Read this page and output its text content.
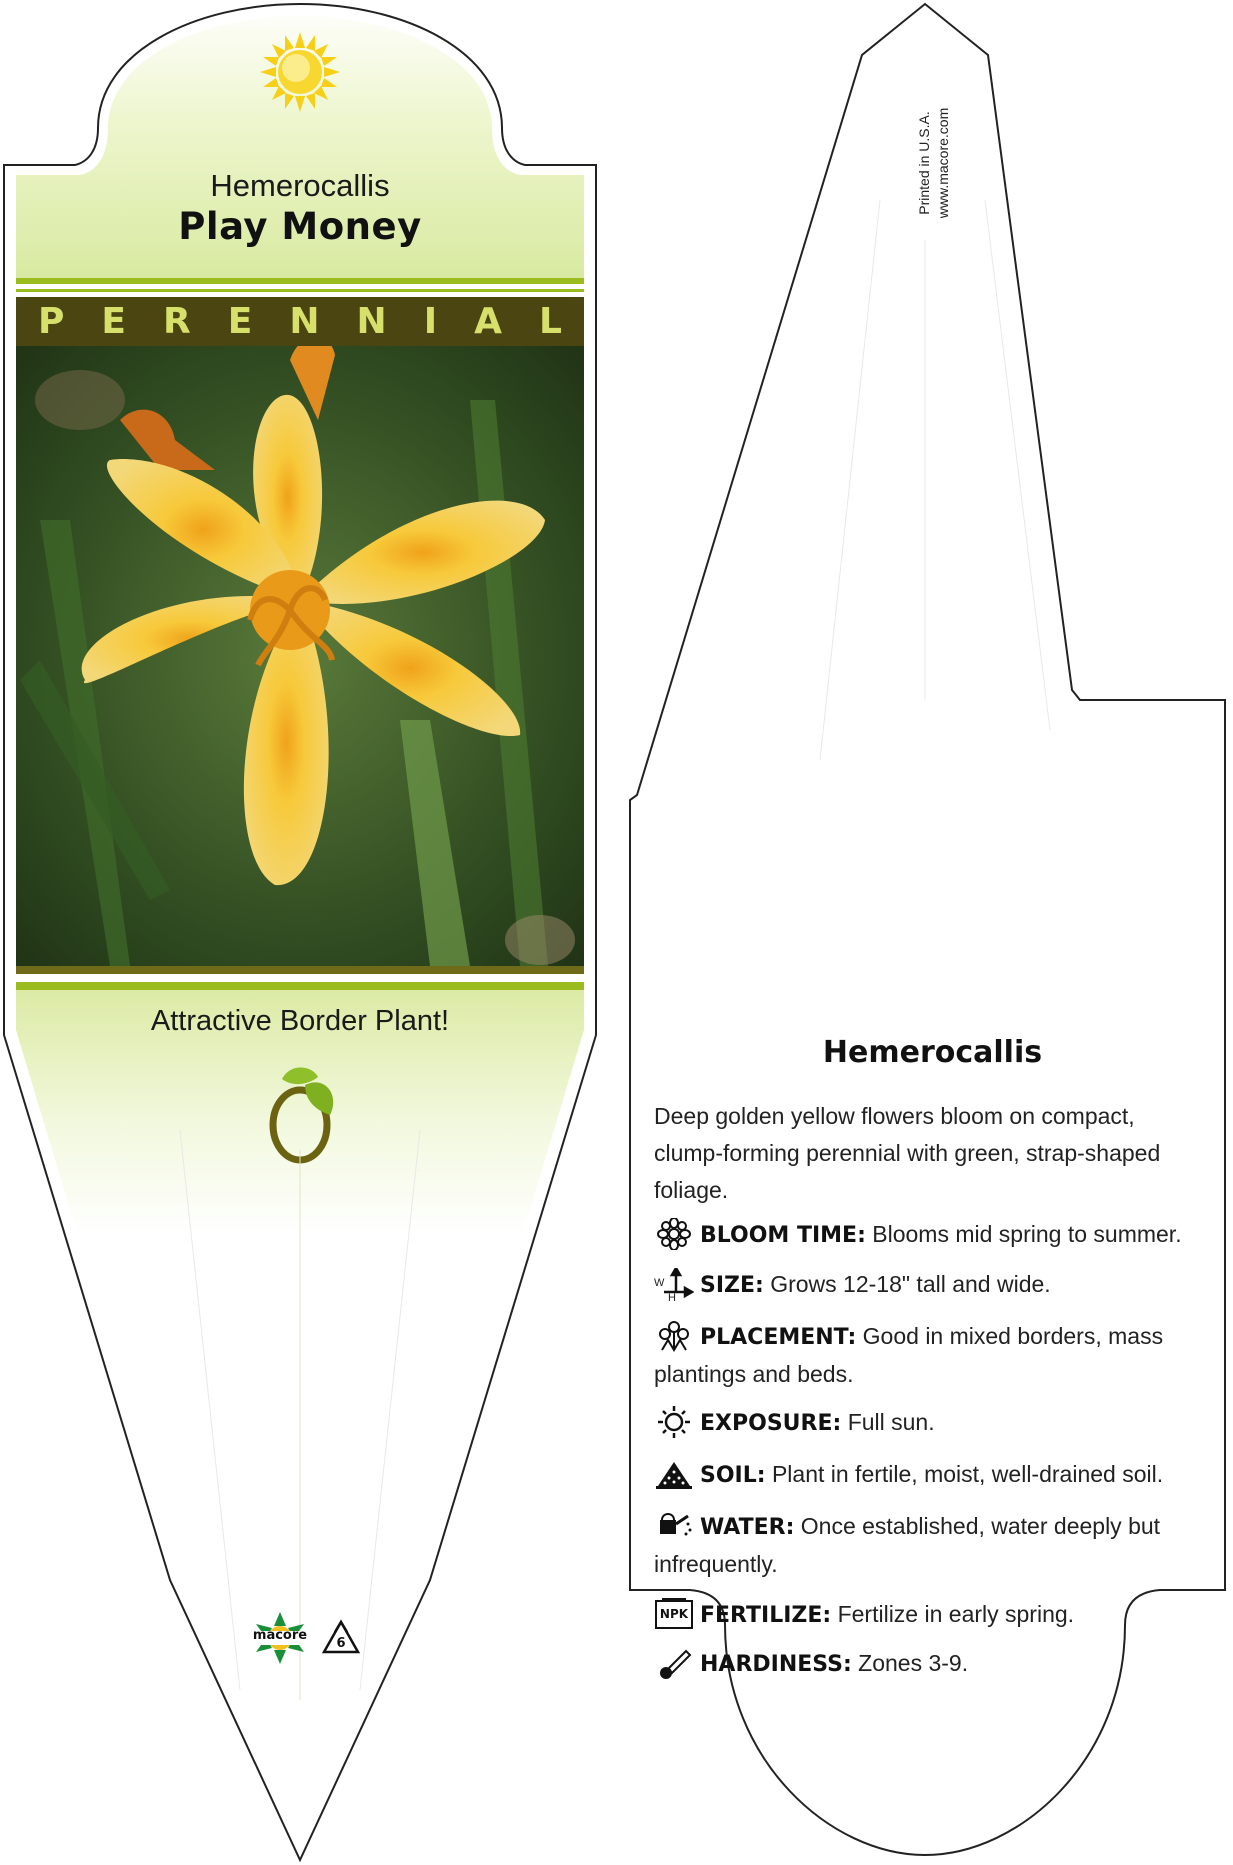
Hemerocallis
Play Money
P E R E N N I A L
Attractive Border Plant!
macore
6
Printed in U.S.A. www.macore.com
Hemerocallis
Deep golden yellow flowers bloom on compact, clump-forming perennial with green, strap-shaped foliage.
BLOOM TIME: Blooms mid spring to summer.
W
H SIZE: Grows 12-18" tall and wide.
PLACEMENT: Good in mixed borders, mass plantings and beds.
EXPOSURE: Full sun.
SOIL: Plant in fertile, moist, well-drained soil.
WATER: Once established, water deeply but infrequently.
NPK FERTILIZE: Fertilize in early spring.
HARDINESS: Zones 3-9.
